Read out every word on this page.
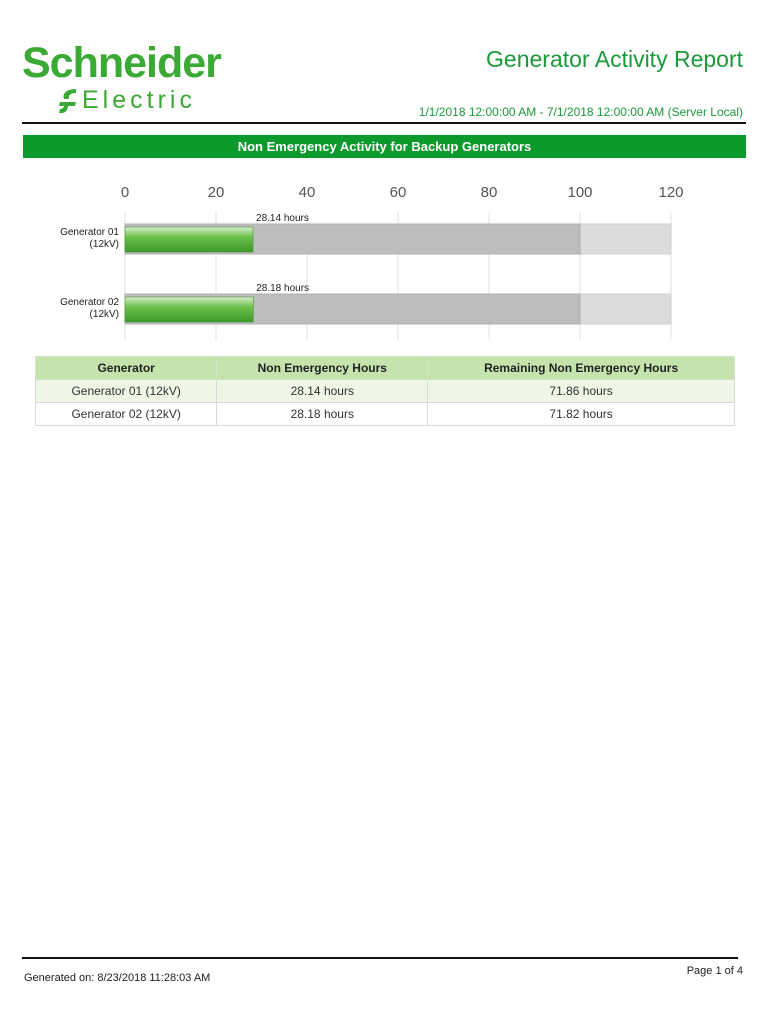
Schneider
Electric
Generator Activity Report
1/1/2018 12:00:00 AM - 7/1/2018 12:00:00 AM (Server Local)
Non Emergency Activity for Backup Generators
0	20	40	60	80	100	120
28.14 hours
Generator 01
(12kV)
28.18 hours
Generator 02
(12kV)
Generator	Non Emergency Hours	Remaining Non Emergency Hours
Generator 01 (12kV)	28.14 hours	71.86 hours
Generator 02 (12kV)	28.18 hours	71.82 hours
Generated on: 8/23/2018 11:28:03 AM
Page 1 of 4
